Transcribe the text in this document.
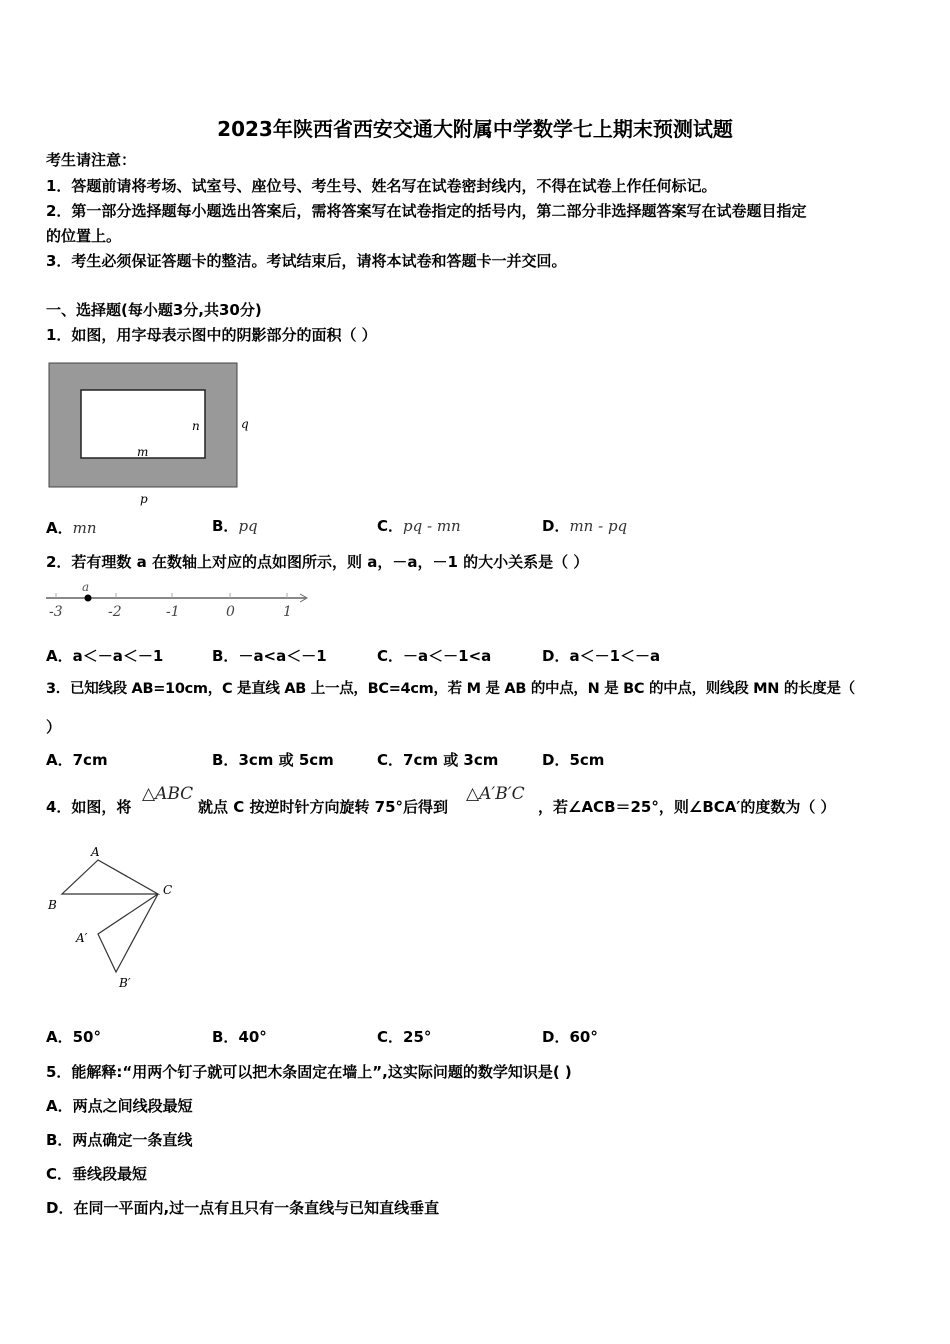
2023年陕西省西安交通大附属中学数学七上期末预测试题
考生请注意：
1．答题前请将考场、试室号、座位号、考生号、姓名写在试卷密封线内，不得在试卷上作任何标记。
2．第一部分选择题每小题选出答案后，需将答案写在试卷指定的括号内，第二部分非选择题答案写在试卷题目指定
的位置上。
3．考生必须保证答题卡的整洁。考试结束后，请将本试卷和答题卡一并交回。
一、选择题(每小题3分,共30分)
1．如图，用字母表示图中的阴影部分的面积（ ）
n
m
q
p
A．mn	B．pq	C．pq - mn	D．mn - pq
2．若有理数 a 在数轴上对应的点如图所示，则 a，－a，－1 的大小关系是（ ）
a
-3	-2	-1	0	1
A．a＜－a＜－1	B．－a<a＜－1	C．－a＜－1<a	D．a＜－1＜－a
3．已知线段 AB=10cm，C 是直线 AB 上一点，BC=4cm，若 M 是 AB 的中点，N 是 BC 的中点，则线段 MN 的长度是（
）
A．7cm	B．3cm 或 5cm	C．7cm 或 3cm	D．5cm
4．如图，将
△ABC
就点 C 按逆时针方向旋转 75°后得到
△A′B′C
，若∠ACB＝25°，则∠BCA′的度数为（ ）
A
B
C
A′
B′
A．50°	B．40°	C．25°	D．60°
5．能解释:“用两个钉子就可以把木条固定在墙上”,这实际问题的数学知识是( )
A．两点之间线段最短
B．两点确定一条直线
C．垂线段最短
D．在同一平面内,过一点有且只有一条直线与已知直线垂直
